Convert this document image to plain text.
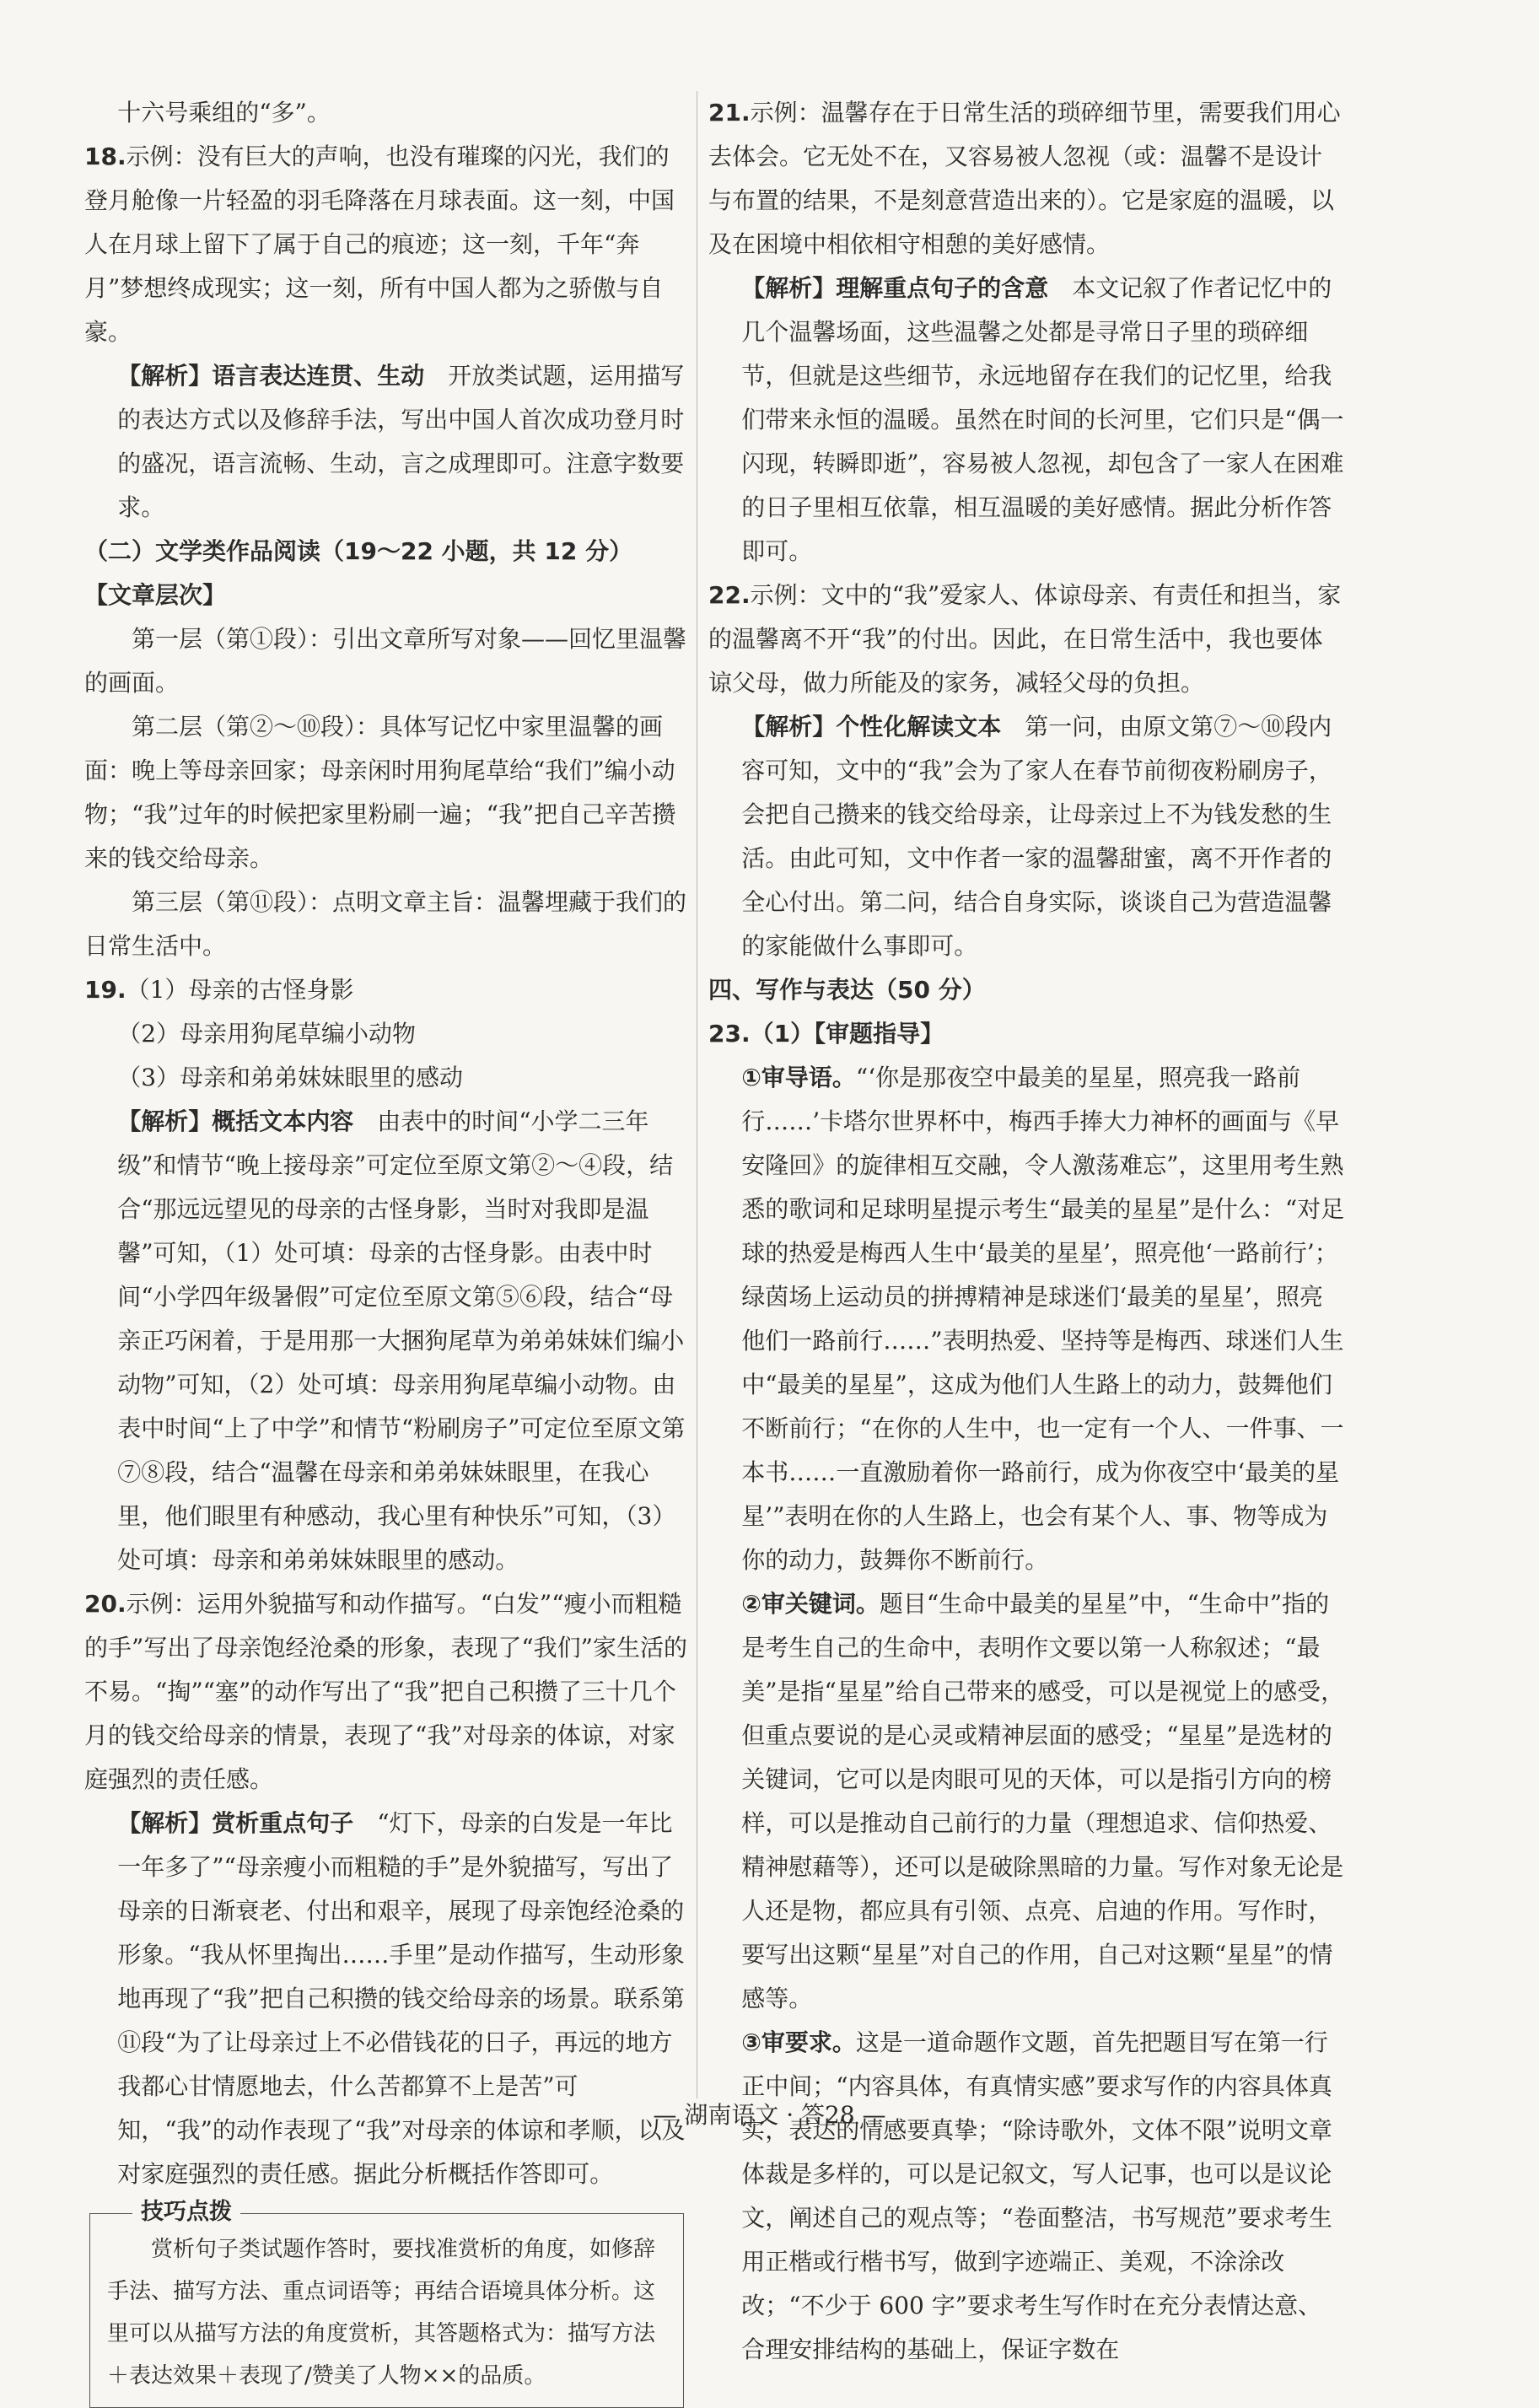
十六号乘组的“多”。

18.示例：没有巨大的声响，也没有璀璨的闪光，我们的登月舱像一片轻盈的羽毛降落在月球表面。这一刻，中国人在月球上留下了属于自己的痕迹；这一刻，千年“奔月”梦想终成现实；这一刻，所有中国人都为之骄傲与自豪。

【解析】语言表达连贯、生动　开放类试题，运用描写的表达方式以及修辞手法，写出中国人首次成功登月时的盛况，语言流畅、生动，言之成理即可。注意字数要求。

（二）文学类作品阅读（19～22 小题，共 12 分）

【文章层次】

第一层（第①段）：引出文章所写对象——回忆里温馨的画面。

第二层（第②～⑩段）：具体写记忆中家里温馨的画面：晚上等母亲回家；母亲闲时用狗尾草给“我们”编小动物；“我”过年的时候把家里粉刷一遍；“我”把自己辛苦攒来的钱交给母亲。

第三层（第⑪段）：点明文章主旨：温馨埋藏于我们的日常生活中。

19.（1）母亲的古怪身影

（2）母亲用狗尾草编小动物

（3）母亲和弟弟妹妹眼里的感动

【解析】概括文本内容　由表中的时间“小学二三年级”和情节“晚上接母亲”可定位至原文第②～④段，结合“那远远望见的母亲的古怪身影，当时对我即是温馨”可知，（1）处可填：母亲的古怪身影。由表中时间“小学四年级暑假”可定位至原文第⑤⑥段，结合“母亲正巧闲着，于是用那一大捆狗尾草为弟弟妹妹们编小动物”可知，（2）处可填：母亲用狗尾草编小动物。由表中时间“上了中学”和情节“粉刷房子”可定位至原文第⑦⑧段，结合“温馨在母亲和弟弟妹妹眼里，在我心里，他们眼里有种感动，我心里有种快乐”可知，（3）处可填：母亲和弟弟妹妹眼里的感动。

20.示例：运用外貌描写和动作描写。“白发”“瘦小而粗糙的手”写出了母亲饱经沧桑的形象，表现了“我们”家生活的不易。“掏”“塞”的动作写出了“我”把自己积攒了三十几个月的钱交给母亲的情景，表现了“我”对母亲的体谅，对家庭强烈的责任感。

【解析】赏析重点句子　“灯下，母亲的白发是一年比一年多了”“母亲瘦小而粗糙的手”是外貌描写，写出了母亲的日渐衰老、付出和艰辛，展现了母亲饱经沧桑的形象。“我从怀里掏出……手里”是动作描写，生动形象地再现了“我”把自己积攒的钱交给母亲的场景。联系第⑪段“为了让母亲过上不必借钱花的日子，再远的地方我都心甘情愿地去，什么苦都算不上是苦”可知，“我”的动作表现了“我”对母亲的体谅和孝顺，以及对家庭强烈的责任感。据此分析概括作答即可。

技巧点拨

赏析句子类试题作答时，要找准赏析的角度，如修辞手法、描写方法、重点词语等；再结合语境具体分析。这里可以从描写方法的角度赏析，其答题格式为：描写方法＋表达效果＋表现了/赞美了人物××的品质。

21.示例：温馨存在于日常生活的琐碎细节里，需要我们用心去体会。它无处不在，又容易被人忽视（或：温馨不是设计与布置的结果，不是刻意营造出来的）。它是家庭的温暖，以及在困境中相依相守相憩的美好感情。

【解析】理解重点句子的含意　本文记叙了作者记忆中的几个温馨场面，这些温馨之处都是寻常日子里的琐碎细节，但就是这些细节，永远地留存在我们的记忆里，给我们带来永恒的温暖。虽然在时间的长河里，它们只是“偶一闪现，转瞬即逝”，容易被人忽视，却包含了一家人在困难的日子里相互依靠，相互温暖的美好感情。据此分析作答即可。

22.示例：文中的“我”爱家人、体谅母亲、有责任和担当，家的温馨离不开“我”的付出。因此，在日常生活中，我也要体谅父母，做力所能及的家务，减轻父母的负担。

【解析】个性化解读文本　第一问，由原文第⑦～⑩段内容可知，文中的“我”会为了家人在春节前彻夜粉刷房子，会把自己攒来的钱交给母亲，让母亲过上不为钱发愁的生活。由此可知，文中作者一家的温馨甜蜜，离不开作者的全心付出。第二问，结合自身实际，谈谈自己为营造温馨的家能做什么事即可。

四、写作与表达（50 分）

23.（1）【审题指导】

①审导语。“‘你是那夜空中最美的星星，照亮我一路前行……’卡塔尔世界杯中，梅西手捧大力神杯的画面与《早安隆回》的旋律相互交融，令人激荡难忘”，这里用考生熟悉的歌词和足球明星提示考生“最美的星星”是什么：“对足球的热爱是梅西人生中‘最美的星星’，照亮他‘一路前行’；绿茵场上运动员的拼搏精神是球迷们‘最美的星星’，照亮他们一路前行……”表明热爱、坚持等是梅西、球迷们人生中“最美的星星”，这成为他们人生路上的动力，鼓舞他们不断前行；“在你的人生中，也一定有一个人、一件事、一本书……一直激励着你一路前行，成为你夜空中‘最美的星星’”表明在你的人生路上，也会有某个人、事、物等成为你的动力，鼓舞你不断前行。

②审关键词。题目“生命中最美的星星”中，“生命中”指的是考生自己的生命中，表明作文要以第一人称叙述；“最美”是指“星星”给自己带来的感受，可以是视觉上的感受，但重点要说的是心灵或精神层面的感受；“星星”是选材的关键词，它可以是肉眼可见的天体，可以是指引方向的榜样，可以是推动自己前行的力量（理想追求、信仰热爱、精神慰藉等），还可以是破除黑暗的力量。写作对象无论是人还是物，都应具有引领、点亮、启迪的作用。写作时，要写出这颗“星星”对自己的作用，自己对这颗“星星”的情感等。

③审要求。这是一道命题作文题，首先把题目写在第一行正中间；“内容具体，有真情实感”要求写作的内容具体真实，表达的情感要真挚；“除诗歌外，文体不限”说明文章体裁是多样的，可以是记叙文，写人记事，也可以是议论文，阐述自己的观点等；“卷面整洁，书写规范”要求考生用正楷或行楷书写，做到字迹端正、美观，不涂涂改改；“不少于 600 字”要求考生写作时在充分表情达意、合理安排结构的基础上，保证字数在

— 湖南语文 · 答28 —
